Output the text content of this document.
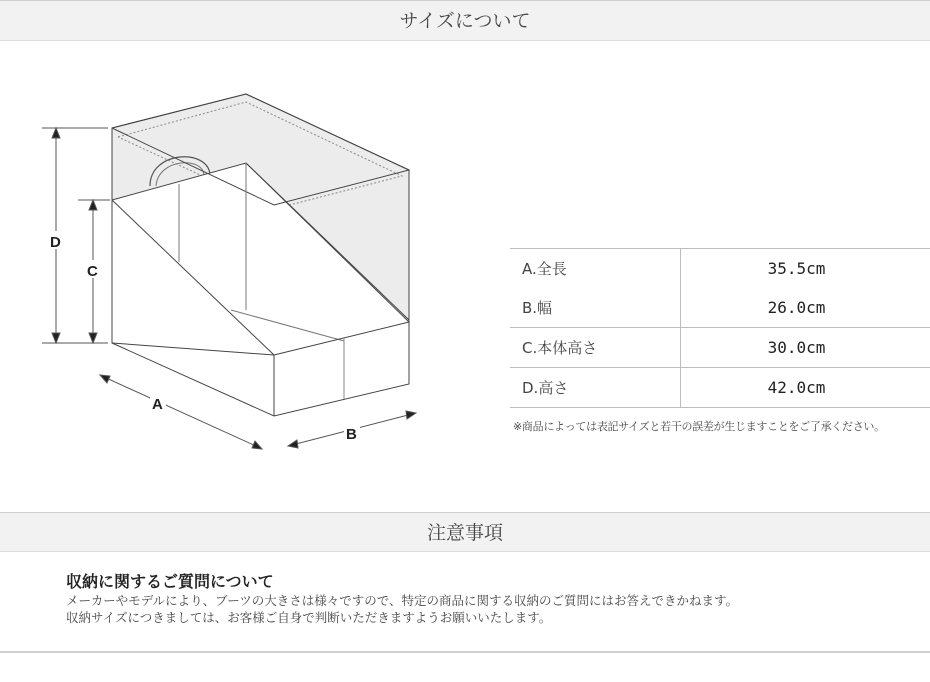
サイズについて
D
C
A
B
A.全長	35.5cm
B.幅	26.0cm
C.本体高さ	30.0cm
D.高さ	42.0cm
※商品によっては表記サイズと若干の誤差が生じますことをご了承ください。
注意事項
収納に関するご質問について
メーカーやモデルにより、ブーツの大きさは様々ですので、特定の商品に関する収納のご質問にはお答えできかねます。
収納サイズにつきましては、お客様ご自身で判断いただきますようお願いいたします。
